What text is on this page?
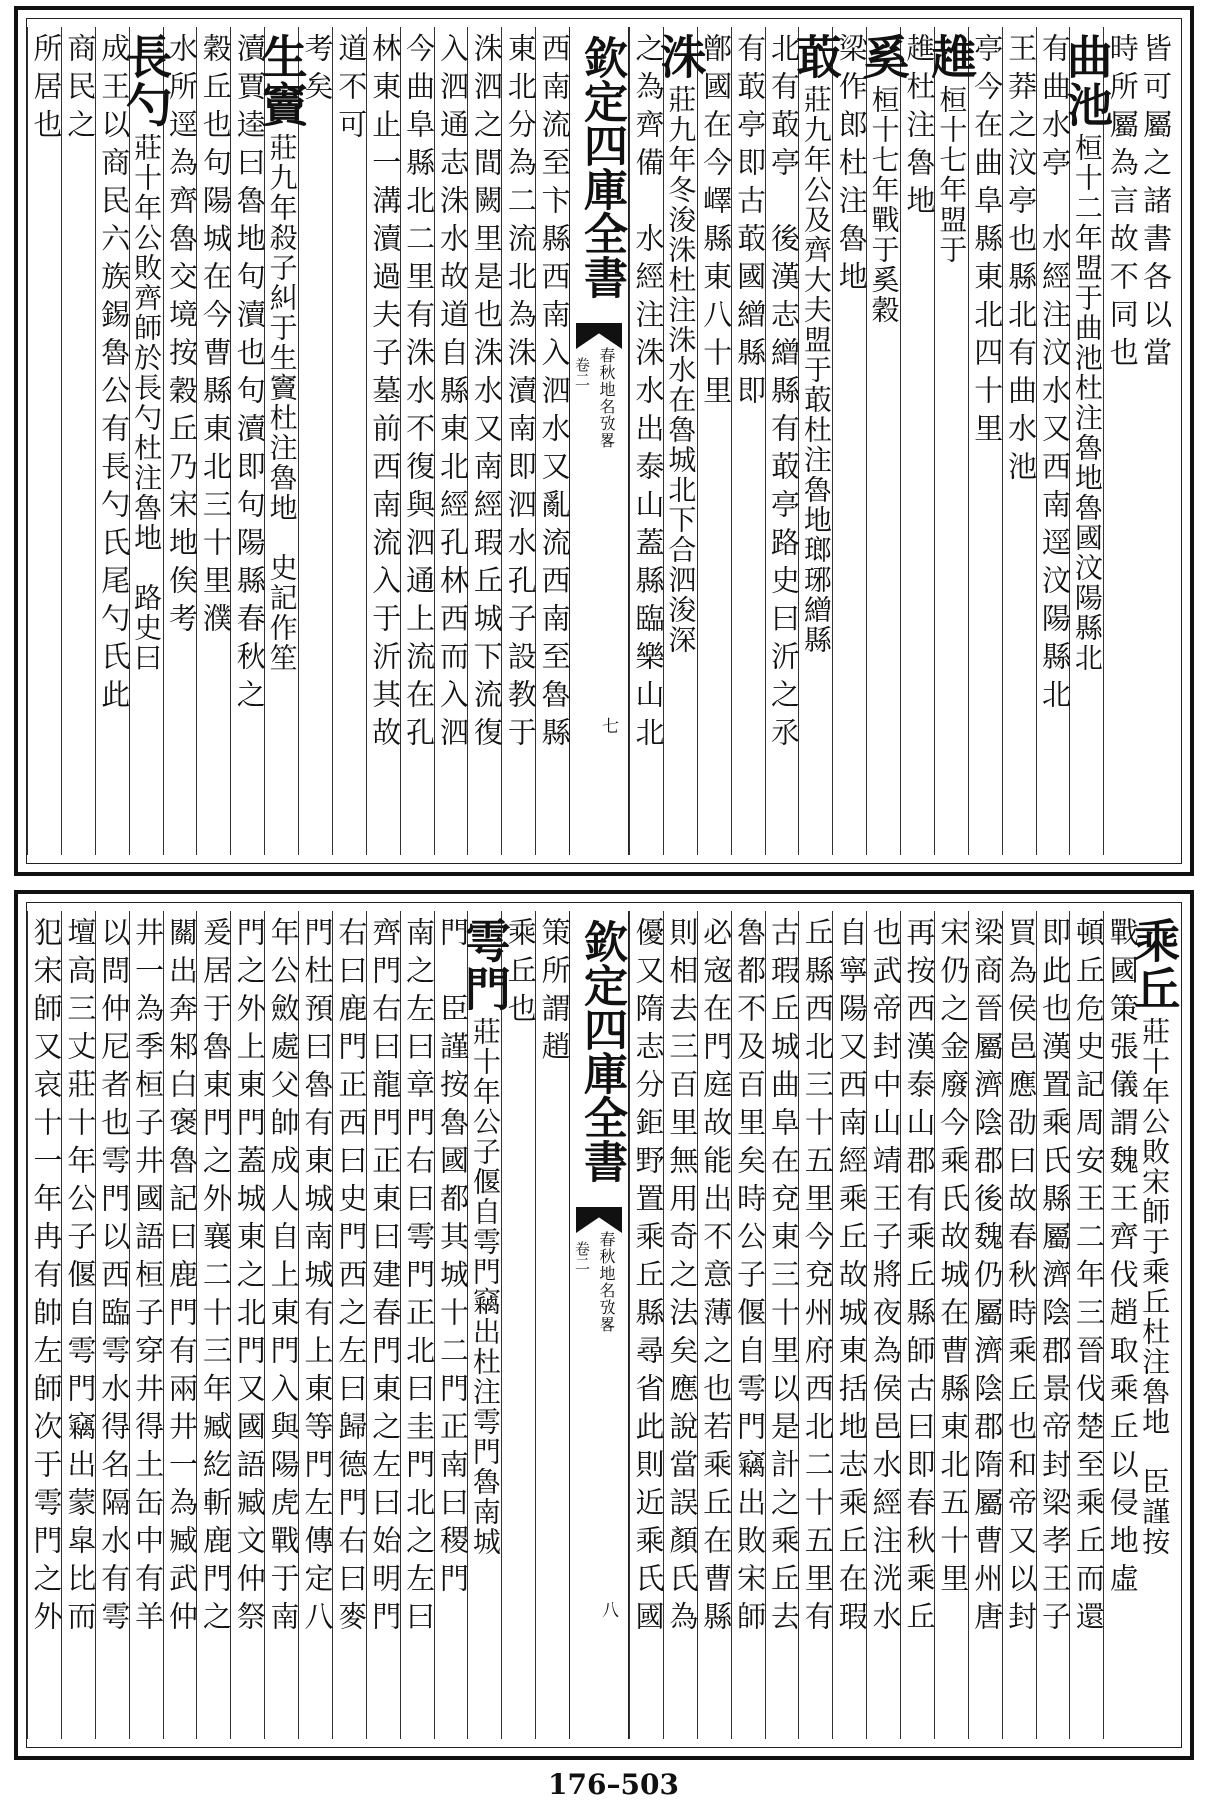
皆可屬之諸書各以當
時所屬為言故不同也
曲池
桓十二年盟于曲池杜注魯地魯國汶陽縣北
有曲水亭　水經注汶水又西南逕汶陽縣北
王莽之汶亭也縣北有曲水池
亭今在曲阜縣東北四十里
趡
桓十七年盟于
趡杜注魯地
奚
桓十七年戰于奚穀
梁作郎杜注魯地
菆
莊九年公及齊大夫盟于菆杜注魯地瑯琊繒縣
北有菆亭　後漢志繒縣有菆亭路史曰沂之氶
有菆亭即古菆國繒縣即
鄫國在今嶧縣東八十里
洙
莊九年冬浚洙杜注洙水在魯城北下合泗浚深
之為齊備　水經注洙水出泰山蓋縣臨樂山北
西南流至卞縣西南入泗水又亂流西南至魯縣
東北分為二流北為洙瀆南即泗水孔子設教于
洙泗之間闕里是也洙水又南經瑕丘城下流復
入泗通志洙水故道自縣東北經孔林西而入泗
今曲阜縣北二里有洙水不復與泗通上流在孔
林東止一溝瀆過夫子墓前西南流入于沂其故
道不可
考矣
生竇
莊九年殺子糾于生竇杜注魯地　史記作笙
瀆賈逵曰魯地句瀆也句瀆即句陽縣春秋之
穀丘也句陽城在今曹縣東北三十里濮
水所逕為齊魯交境按穀丘乃宋地俟考
長勺
莊十年公敗齊師於長勺杜注魯地　路史曰
成王以商民六族錫魯公有長勺氏尾勺氏此
商民之
所居也	欽定四庫全書
卷二 春秋地名攷畧
七
乘丘
莊十年公敗宋師于乘丘杜注魯地　臣謹按
戰國策張儀謂魏王齊伐趙取乘丘以侵地虛
頓丘危史記周安王二年三晉伐楚至乘丘而還
即此也漢置乘氏縣屬濟陰郡景帝封梁孝王子
買為侯邑應劭曰故春秋時乘丘也和帝又以封
梁商晉屬濟陰郡後魏仍屬濟陰郡隋屬曹州唐
宋仍之金廢今乘氏故城在曹縣東北五十里
再按西漢泰山郡有乘丘縣師古曰即春秋乘丘
也武帝封中山靖王子將夜為侯邑水經注洸水
自寧陽又西南經乘丘故城東括地志乘丘在瑕
丘縣西北三十五里今兗州府西北二十五里有
古瑕丘城曲阜在兗東三十里以是計之乘丘去
魯都不及百里矣時公子偃自雩門竊出敗宋師
必宼在門庭故能出不意薄之也若乘丘在曹縣
則相去三百里無用奇之法矣應說當誤顏氏為
優又隋志分鉅野置乘丘縣尋省此則近乘氏國
策所謂趙
乘丘也
雩門
莊十年公子偃自雩門竊出杜注雩門魯南城
門　臣謹按魯國都其城十二門正南曰稷門
南之左曰章門右曰雩門正北曰圭門北之左曰
齊門右曰龍門正東曰建春門東之左曰始明門
右曰鹿門正西曰史門西之左曰歸德門右曰麥
門杜預曰魯有東城南城有上東等門左傳定八
年公斂處父帥成人自上東門入與陽虎戰于南
門之外上東門蓋城東之北門又國語臧文仲祭
爰居于魯東門之外襄二十三年臧紇斬鹿門之
關出奔邾白褒魯記曰鹿門有兩井一為臧武仲
井一為季桓子井國語桓子穿井得土缶中有羊
以問仲尼者也雩門以西臨雩水得名隔水有雩
壇高三丈莊十年公子偃自雩門竊出蒙皐比而
犯宋師又哀十一年冉有帥左師次于雩門之外	欽定四庫全書
卷二 春秋地名攷畧
八
176–503
